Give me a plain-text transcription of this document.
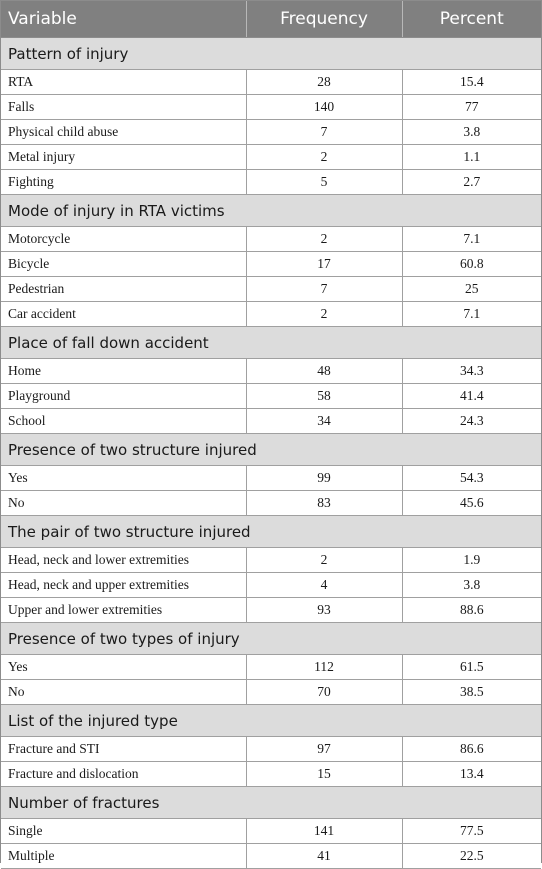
Variable	Frequency	Percent
Pattern of injury		
RTA	28	15.4
Falls	140	77
Physical child abuse	7	3.8
Metal injury	2	1.1
Fighting	5	2.7
Mode of injury in RTA victims		
Motorcycle	2	7.1
Bicycle	17	60.8
Pedestrian	7	25
Car accident	2	7.1
Place of fall down accident		
Home	48	34.3
Playground	58	41.4
School	34	24.3
Presence of two structure injured		
Yes	99	54.3
No	83	45.6
The pair of two structure injured		
Head, neck and lower extremities	2	1.9
Head, neck and upper extremities	4	3.8
Upper and lower extremities	93	88.6
Presence of two types of injury		
Yes	112	61.5
No	70	38.5
List of the injured type		
Fracture and STI	97	86.6
Fracture and dislocation	15	13.4
Number of fractures		
Single	141	77.5
Multiple	41	22.5
